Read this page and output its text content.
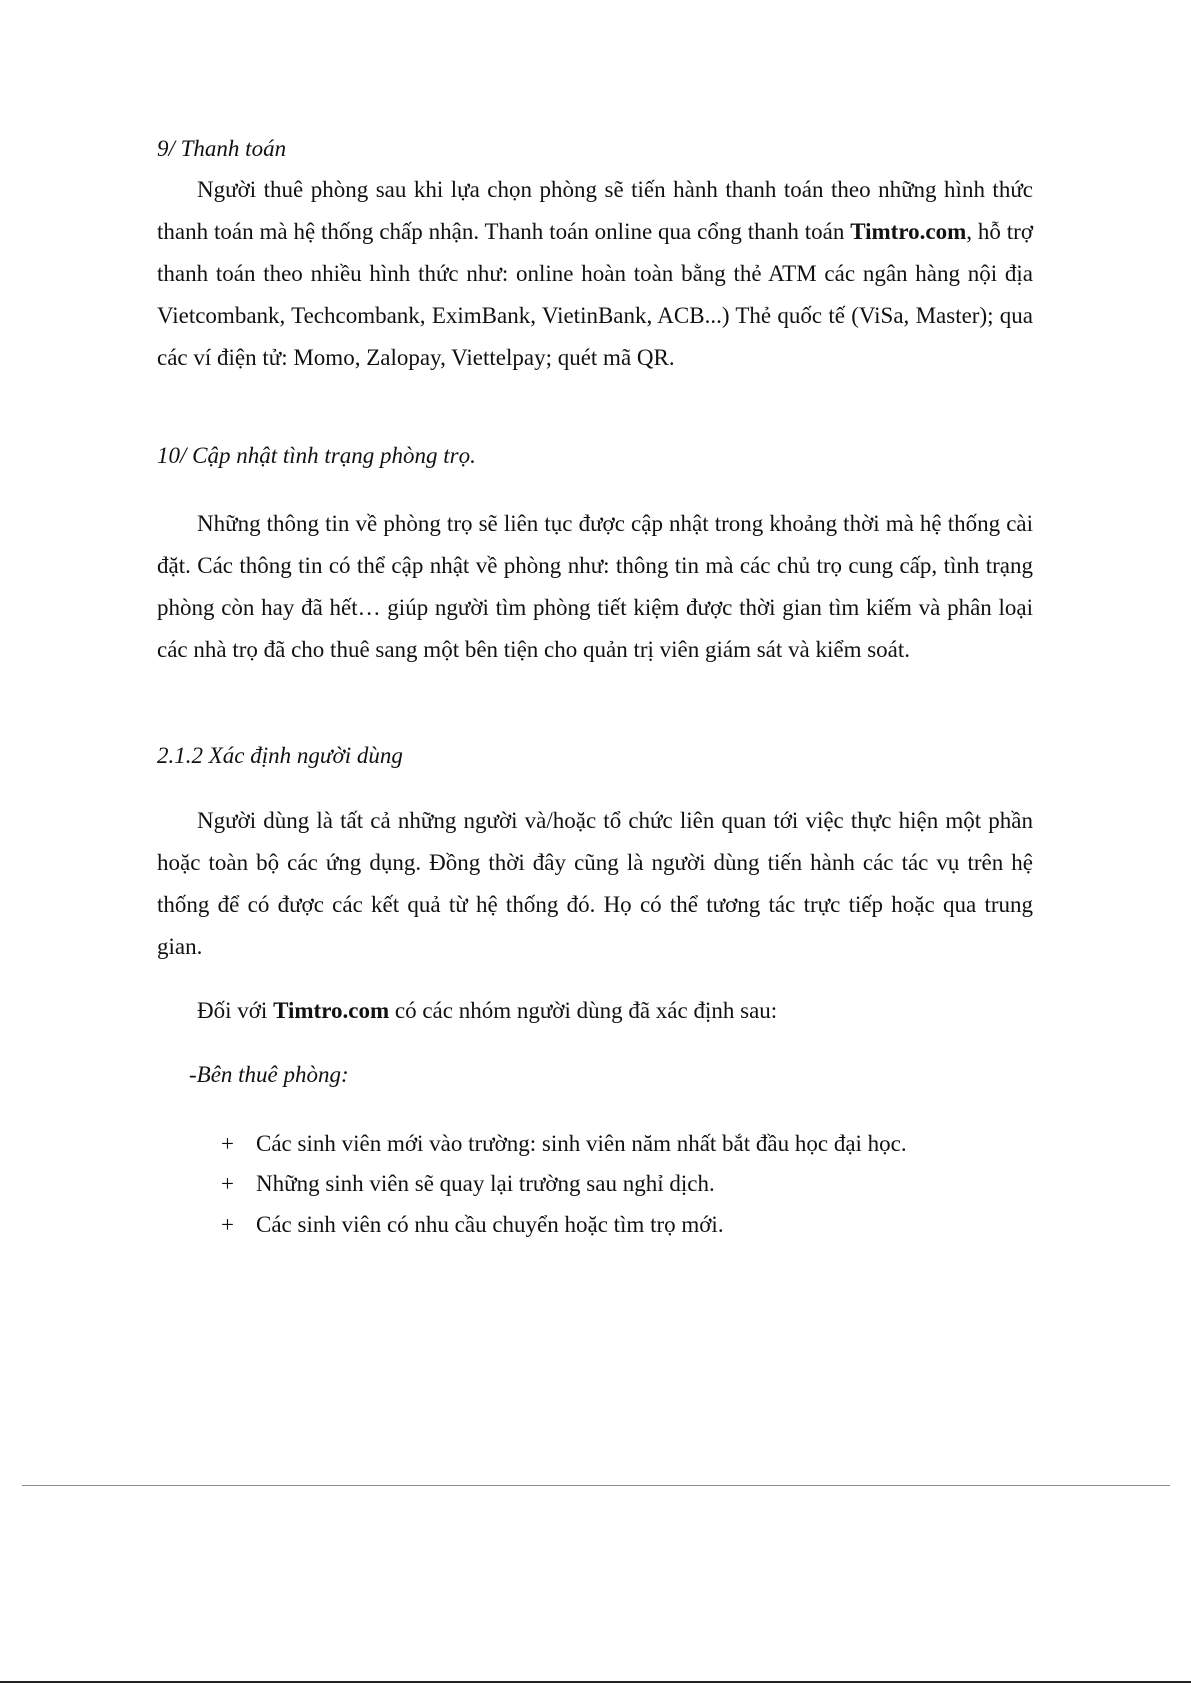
9/ Thanh toán

Người thuê phòng sau khi lựa chọn phòng sẽ tiến hành thanh toán theo những hình thức thanh toán mà hệ thống chấp nhận. Thanh toán online qua cổng thanh toán Timtro.com, hỗ trợ thanh toán theo nhiều hình thức như: online hoàn toàn bằng thẻ ATM các ngân hàng nội địa Vietcombank, Techcombank, EximBank, VietinBank, ACB...) Thẻ quốc tế (ViSa, Master); qua các ví điện tử: Momo, Zalopay, Viettelpay; quét mã QR.

10/ Cập nhật tình trạng phòng trọ.

Những thông tin về phòng trọ sẽ liên tục được cập nhật trong khoảng thời mà hệ thống cài đặt. Các thông tin có thể cập nhật về phòng như: thông tin mà các chủ trọ cung cấp, tình trạng phòng còn hay đã hết… giúp người tìm phòng tiết kiệm được thời gian tìm kiếm và phân loại các nhà trọ đã cho thuê sang một bên tiện cho quản trị viên giám sát và kiểm soát.

2.1.2 Xác định người dùng

Người dùng là tất cả những người và/hoặc tổ chức liên quan tới việc thực hiện một phần hoặc toàn bộ các ứng dụng. Đồng thời đây cũng là người dùng tiến hành các tác vụ trên hệ thống để có được các kết quả từ hệ thống đó. Họ có thể tương tác trực tiếp hoặc qua trung gian.

Đối với Timtro.com có các nhóm người dùng đã xác định sau:
-Bên thuê phòng:
+ Các sinh viên mới vào trường: sinh viên năm nhất bắt đầu học đại học.
+ Những sinh viên sẽ quay lại trường sau nghỉ dịch.
+ Các sinh viên có nhu cầu chuyển hoặc tìm trọ mới.
